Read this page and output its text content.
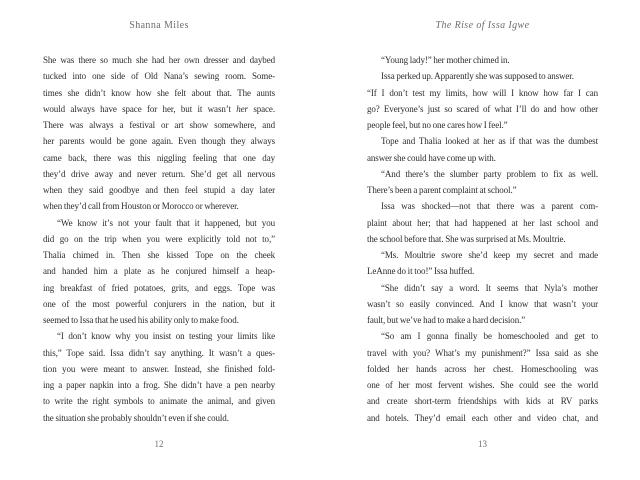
Shanna Miles
She was there so much she had her own dresser and daybed
tucked into one side of Old Nana’s sewing room. Some-
times she didn’t know how she felt about that. The aunts
would always have space for her, but it wasn’t her space.
There was always a festival or art show somewhere, and
her parents would be gone again. Even though they always
came back, there was this niggling feeling that one day
they’d drive away and never return. She’d get all nervous
when they said goodbye and then feel stupid a day later
when they’d call from Houston or Morocco or wherever.
“We know it’s not your fault that it happened, but you
did go on the trip when you were explicitly told not to,”
Thalia chimed in. Then she kissed Tope on the cheek
and handed him a plate as he conjured himself a heap-
ing breakfast of fried potatoes, grits, and eggs. Tope was
one of the most powerful conjurers in the nation, but it
seemed to Issa that he used his ability only to make food.
“I don’t know why you insist on testing your limits like
this,” Tope said. Issa didn’t say anything. It wasn’t a ques-
tion you were meant to answer. Instead, she finished fold-
ing a paper napkin into a frog. She didn’t have a pen nearby
to write the right symbols to animate the animal, and given
the situation she probably shouldn’t even if she could.
12
The Rise of Issa Igwe
“Young lady!” her mother chimed in.
Issa perked up. Apparently she was supposed to answer.
“If I don’t test my limits, how will I know how far I can
go? Everyone’s just so scared of what I’ll do and how other
people feel, but no one cares how I feel.”
Tope and Thalia looked at her as if that was the dumbest
answer she could have come up with.
“And there’s the slumber party problem to fix as well.
There’s been a parent complaint at school.”
Issa was shocked—not that there was a parent com-
plaint about her; that had happened at her last school and
the school before that. She was surprised at Ms. Moultrie.
“Ms. Moultrie swore she’d keep my secret and made
LeAnne do it too!” Issa huffed.
“She didn’t say a word. It seems that Nyla’s mother
wasn’t so easily convinced. And I know that wasn’t your
fault, but we’ve had to make a hard decision.”
“So am I gonna finally be homeschooled and get to
travel with you? What’s my punishment?” Issa said as she
folded her hands across her chest. Homeschooling was
one of her most fervent wishes. She could see the world
and create short-term friendships with kids at RV parks
and hotels. They’d email each other and video chat, and
13
